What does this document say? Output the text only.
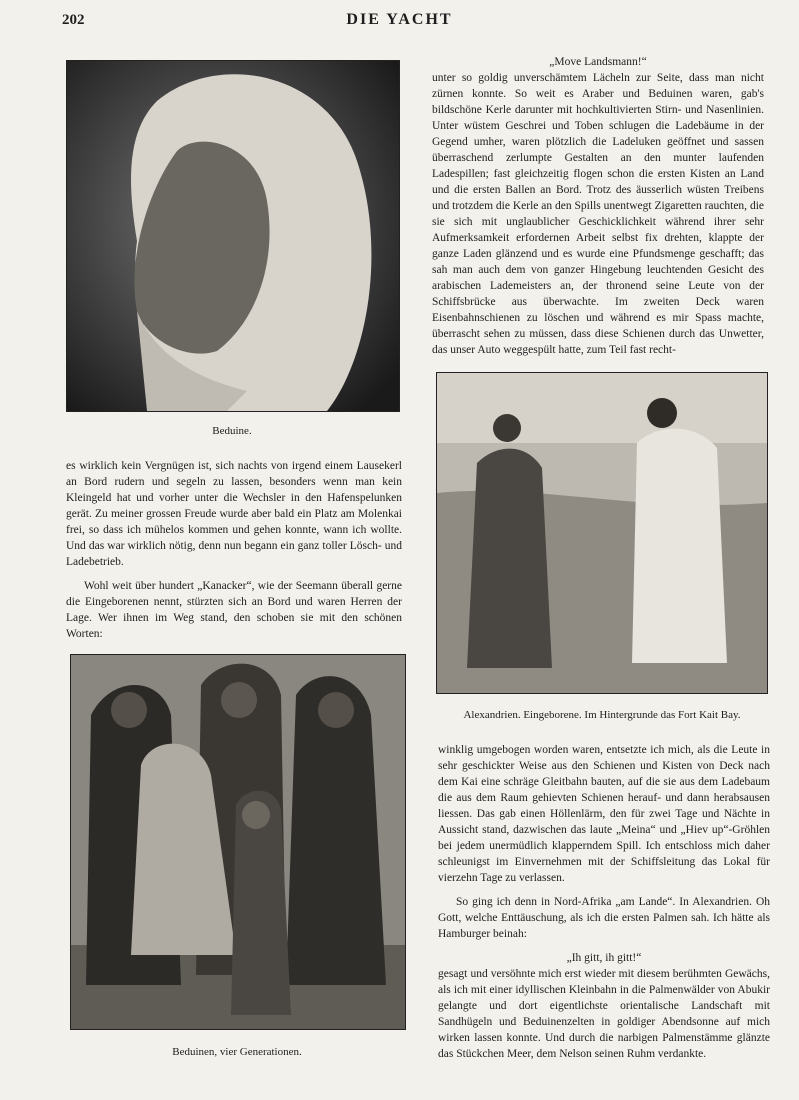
202	DIE YACHT
Beduine.

es wirklich kein Vergnügen ist, sich nachts von irgend einem Lausekerl an Bord rudern und segeln zu lassen, besonders wenn man kein Kleingeld hat und vorher unter die Wechsler in den Hafenspelunken gerät. Zu meiner grossen Freude wurde aber bald ein Platz am Molenkai frei, so dass ich mühelos kommen und gehen konnte, wann ich wollte. Und das war wirklich nötig, denn nun begann ein ganz toller Lösch- und Ladebetrieb.

Wohl weit über hundert „Kanacker“, wie der Seemann überall gerne die Eingeborenen nennt, stürzten sich an Bord und waren Herren der Lage. Wer ihnen im Weg stand, den schoben sie mit den schönen Worten:

Beduinen, vier Generationen.

„Move Landsmann!“

unter so goldig unverschämtem Lächeln zur Seite, dass man nicht zürnen konnte. So weit es Araber und Beduinen waren, gab's bildschöne Kerle darunter mit hochkultivierten Stirn- und Nasenlinien. Unter wüstem Geschrei und Toben schlugen die Ladebäume in der Gegend umher, waren plötzlich die Ladeluken geöffnet und sassen überraschend zerlumpte Gestalten an den munter laufenden Ladespillen; fast gleichzeitig flogen schon die ersten Kisten an Land und die ersten Ballen an Bord. Trotz des äusserlich wüsten Treibens und trotzdem die Kerle an den Spills unentwegt Zigaretten rauchten, die sie sich mit unglaublicher Geschicklichkeit während ihrer sehr Aufmerksamkeit erfordernen Arbeit selbst fix drehten, klappte der ganze Laden glänzend und es wurde eine Pfundsmenge geschafft; das sah man auch dem von ganzer Hingebung leuchtenden Gesicht des arabischen Lademeisters an, der thronend seine Leute von der Schiffsbrücke aus überwachte. Im zweiten Deck waren Eisenbahnschienen zu löschen und während es mir Spass machte, überrascht sehen zu müssen, dass diese Schienen durch das Unwetter, das unser Auto weggespült hatte, zum Teil fast recht-

Alexandrien. Eingeborene. Im Hintergrunde das Fort Kait Bay.

winklig umgebogen worden waren, entsetzte ich mich, als die Leute in sehr geschickter Weise aus den Schienen und Kisten von Deck nach dem Kai eine schräge Gleitbahn bauten, auf die sie aus dem Ladebaum die aus dem Raum gehievten Schienen herauf- und dann herabsausen liessen. Das gab einen Höllenlärm, den für zwei Tage und Nächte in Aussicht stand, dazwischen das laute „Meina“ und „Hiev up“-Gröhlen bei jedem unermüdlich klapperndem Spill. Ich entschloss mich daher schleunigst im Einvernehmen mit der Schiffsleitung das Lokal für vierzehn Tage zu verlassen.

So ging ich denn in Nord-Afrika „am Lande“. In Alexandrien. Oh Gott, welche Enttäuschung, als ich die ersten Palmen sah. Ich hätte als Hamburger beinah:

„Ih gitt, ih gitt!“

gesagt und versöhnte mich erst wieder mit diesem berühmten Gewächs, als ich mit einer idyllischen Kleinbahn in die Palmenwälder von Abukir gelangte und dort eigentlichste orientalische Landschaft mit Sandhügeln und Beduinenzelten in goldiger Abendsonne auf mich wirken lassen konnte. Und durch die narbigen Palmenstämme glänzte das Stückchen Meer, dem Nelson seinen Ruhm verdankte.
